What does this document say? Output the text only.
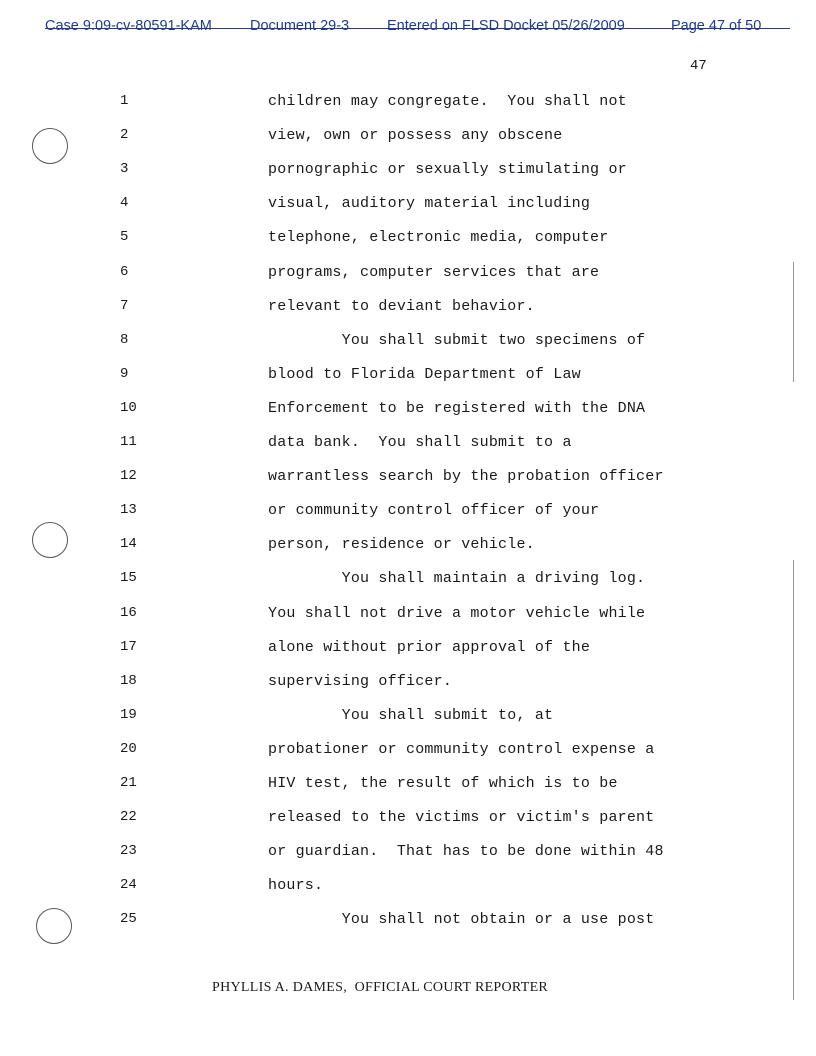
Case 9:09-cv-80591-KAM	Document 29-3	Entered on FLSD Docket 05/26/2009	Page 47 of 50
47
1	children may congregate.  You shall not
2	view, own or possess any obscene
3	pornographic or sexually stimulating or
4	visual, auditory material including
5	telephone, electronic media, computer
6	programs, computer services that are
7	relevant to deviant behavior.
8	You shall submit two specimens of
9	blood to Florida Department of Law
10	Enforcement to be registered with the DNA
11	data bank.  You shall submit to a
12	warrantless search by the probation officer
13	or community control officer of your
14	person, residence or vehicle.
15	You shall maintain a driving log.
16	You shall not drive a motor vehicle while
17	alone without prior approval of the
18	supervising officer.
19	You shall submit to, at
20	probationer or community control expense a
21	HIV test, the result of which is to be
22	released to the victims or victim's parent
23	or guardian.  That has to be done within 48
24	hours.
25	You shall not obtain or a use post
PHYLLIS A. DAMES,  OFFICIAL COURT REPORTER
